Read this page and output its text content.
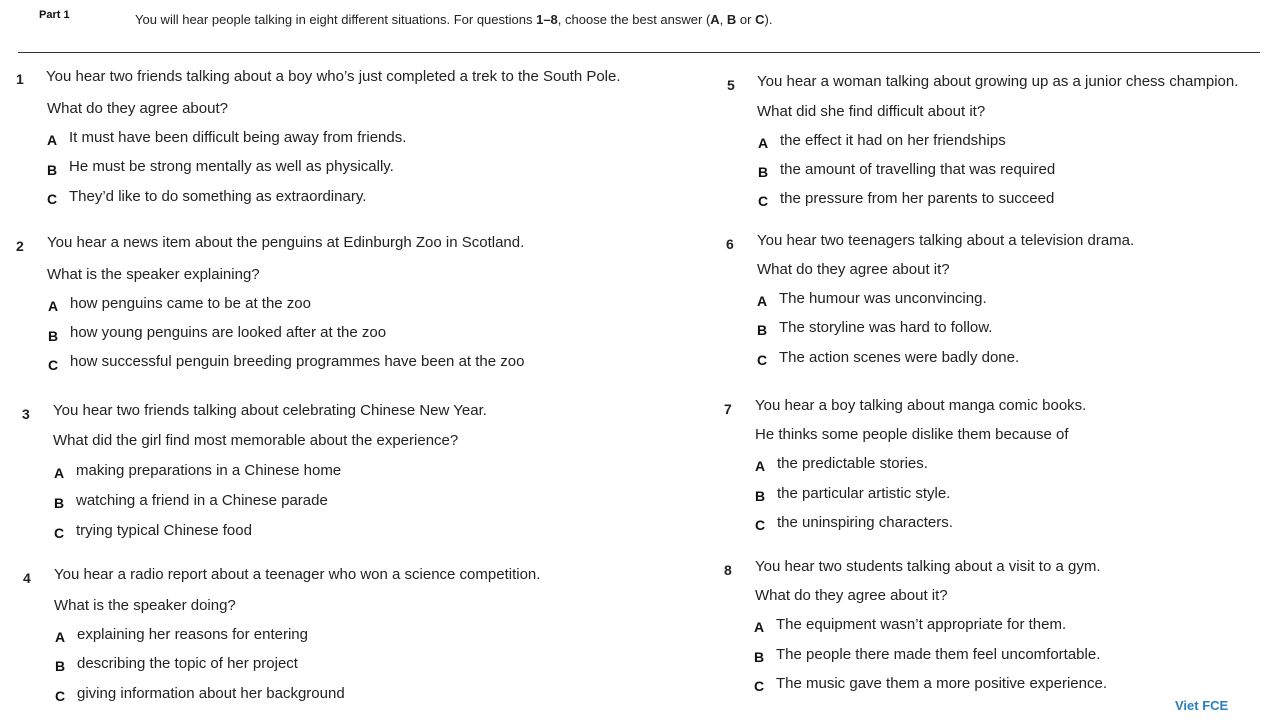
Part 1	You will hear people talking in eight different situations. For questions 1–8, choose the best answer (A, B or C).
1 You hear two friends talking about a boy who’s just completed a trek to the South Pole.
What do they agree about?
A It must have been difficult being away from friends.
B He must be strong mentally as well as physically.
C They’d like to do something as extraordinary.
2 You hear a news item about the penguins at Edinburgh Zoo in Scotland.
What is the speaker explaining?
A how penguins came to be at the zoo
B how young penguins are looked after at the zoo
C how successful penguin breeding programmes have been at the zoo
3 You hear two friends talking about celebrating Chinese New Year.
What did the girl find most memorable about the experience?
A making preparations in a Chinese home
B watching a friend in a Chinese parade
C trying typical Chinese food
4 You hear a radio report about a teenager who won a science competition.
What is the speaker doing?
A explaining her reasons for entering
B describing the topic of her project
C giving information about her background
5 You hear a woman talking about growing up as a junior chess champion.
What did she find difficult about it?
A the effect it had on her friendships
B the amount of travelling that was required
C the pressure from her parents to succeed
6 You hear two teenagers talking about a television drama.
What do they agree about it?
A The humour was unconvincing.
B The storyline was hard to follow.
C The action scenes were badly done.
7 You hear a boy talking about manga comic books.
He thinks some people dislike them because of
A the predictable stories.
B the particular artistic style.
C the uninspiring characters.
8 You hear two students talking about a visit to a gym.
What do they agree about it?
A The equipment wasn’t appropriate for them.
B The people there made them feel uncomfortable.
C The music gave them a more positive experience.
Viet FCE
